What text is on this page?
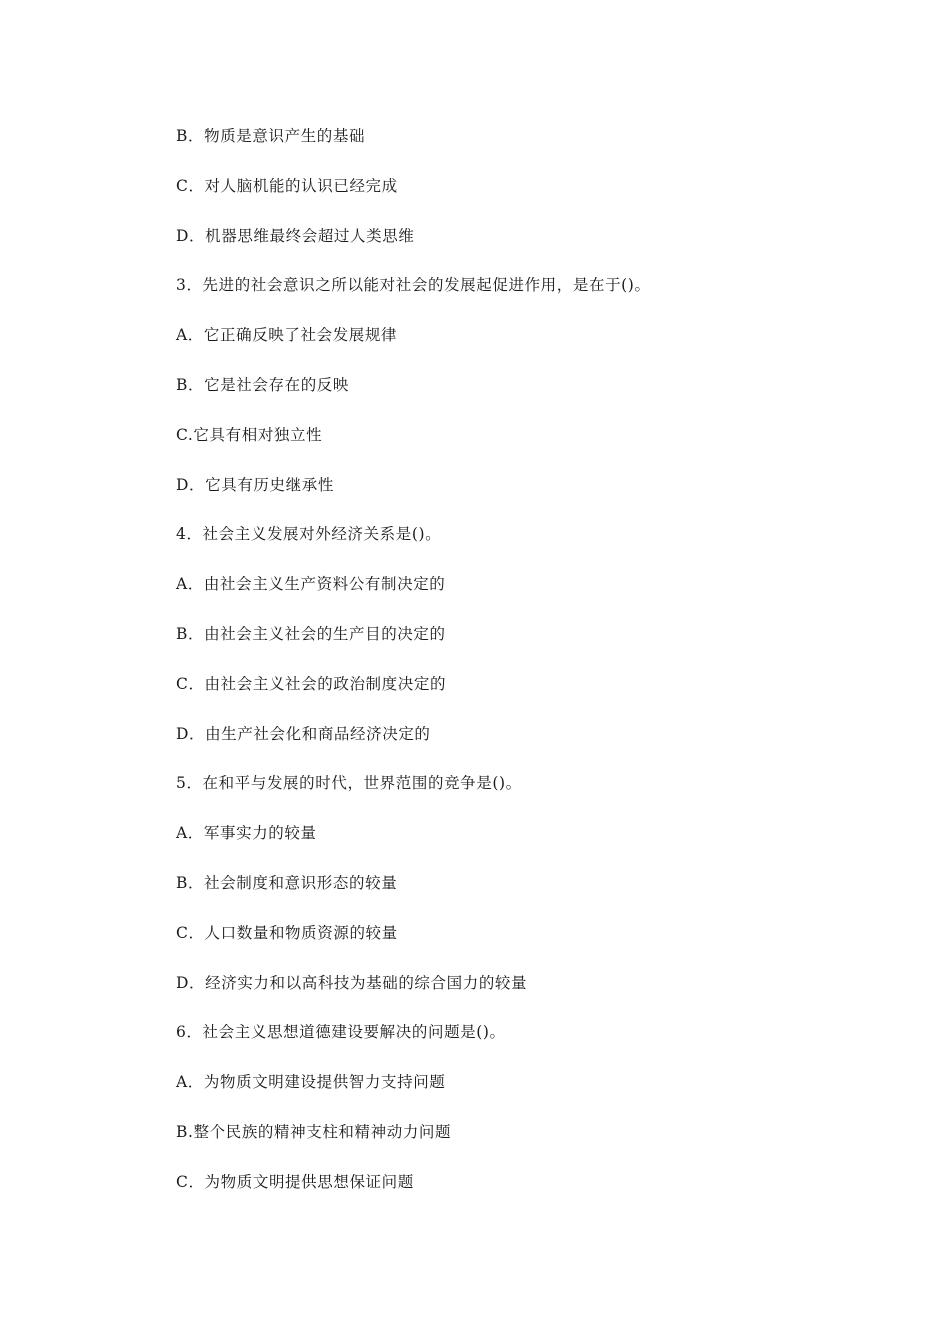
B．物质是意识产生的基础
C．对人脑机能的认识已经完成
D．机器思维最终会超过人类思维
3．先进的社会意识之所以能对社会的发展起促进作用，是在于()。
A．它正确反映了社会发展规律
B．它是社会存在的反映
C.它具有相对独立性
D．它具有历史继承性
4．社会主义发展对外经济关系是()。
A．由社会主义生产资料公有制决定的
B．由社会主义社会的生产目的决定的
C．由社会主义社会的政治制度决定的
D．由生产社会化和商品经济决定的
5．在和平与发展的时代，世界范围的竞争是()。
A．军事实力的较量
B．社会制度和意识形态的较量
C．人口数量和物质资源的较量
D．经济实力和以高科技为基础的综合国力的较量
6．社会主义思想道德建设要解决的问题是()。
A．为物质文明建设提供智力支持问题
B.整个民族的精神支柱和精神动力问题
C．为物质文明提供思想保证问题
